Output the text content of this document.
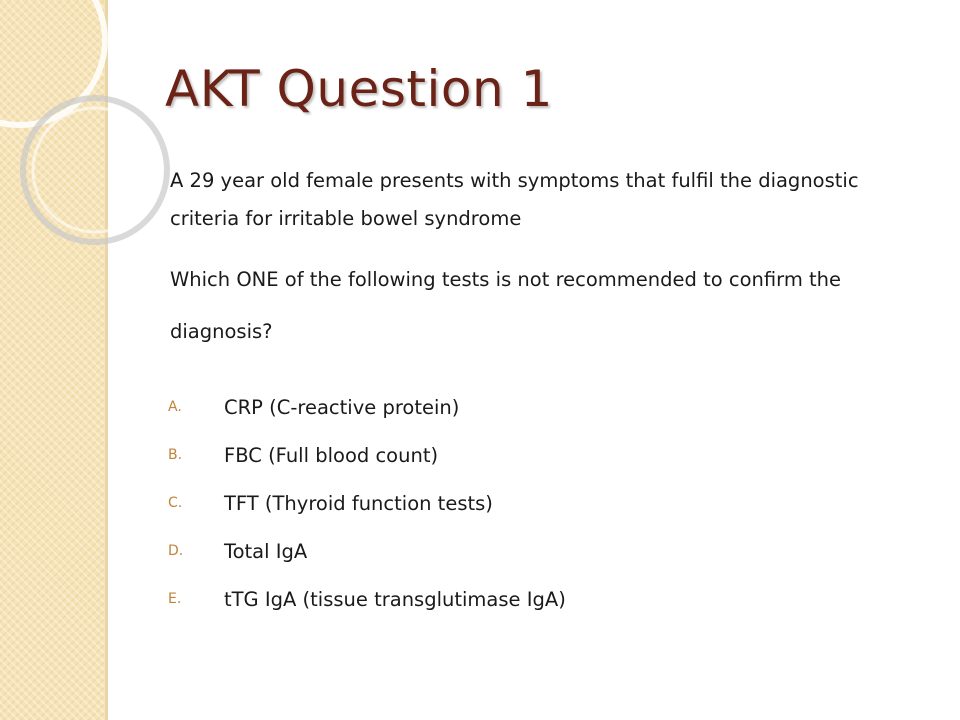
AKT Question 1

A 29 year old female presents with symptoms that fulfil the diagnostic criteria for irritable bowel syndrome

Which ONE of the following tests is not recommended to confirm the diagnosis?

A.	CRP (C-reactive protein)
B.	FBC (Full blood count)
C.	TFT (Thyroid function tests)
D.	Total IgA
E.	tTG IgA (tissue transglutimase IgA)
